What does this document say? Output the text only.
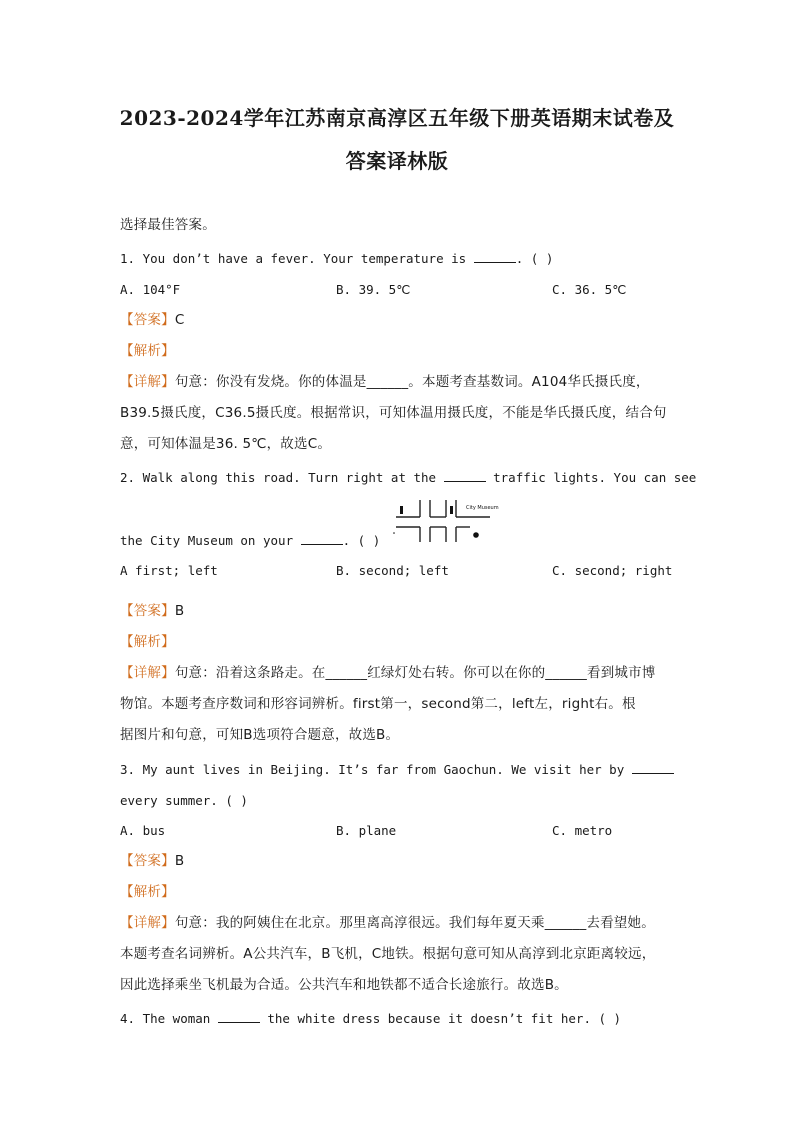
2023-2024学年江苏南京高淳区五年级下册英语期末试卷及
答案译林版
选择最佳答案。
1. You don’t have a fever. Your temperature is	. ( )
A. 104°F	B. 39. 5℃	C. 36. 5℃
【答案】C
【解析】
【详解】句意：你没有发烧。你的体温是______。本题考查基数词。A104华氏摄氏度，
B39.5摄氏度，C36.5摄氏度。根据常识，可知体温用摄氏度，不能是华氏摄氏度，结合句
意，可知体温是36. 5℃，故选C。
2. Walk along this road. Turn right at the	traffic lights. You can see
the City Museum on your	. ( )
City Museum
A first; left	B. second; left	C. second; right
【答案】B
【解析】
【详解】句意：沿着这条路走。在______红绿灯处右转。你可以在你的______看到城市博
物馆。本题考查序数词和形容词辨析。first第一，second第二，left左，right右。根
据图片和句意，可知B选项符合题意，故选B。
3. My aunt lives in Beijing. It’s far from Gaochun. We visit her by
every summer. ( )
A. bus	B. plane	C. metro
【答案】B
【解析】
【详解】句意：我的阿姨住在北京。那里离高淳很远。我们每年夏天乘______去看望她。
本题考查名词辨析。A公共汽车，B飞机，C地铁。根据句意可知从高淳到北京距离较远，
因此选择乘坐飞机最为合适。公共汽车和地铁都不适合长途旅行。故选B。
4. The woman	the white dress because it doesn’t fit her. ( )
